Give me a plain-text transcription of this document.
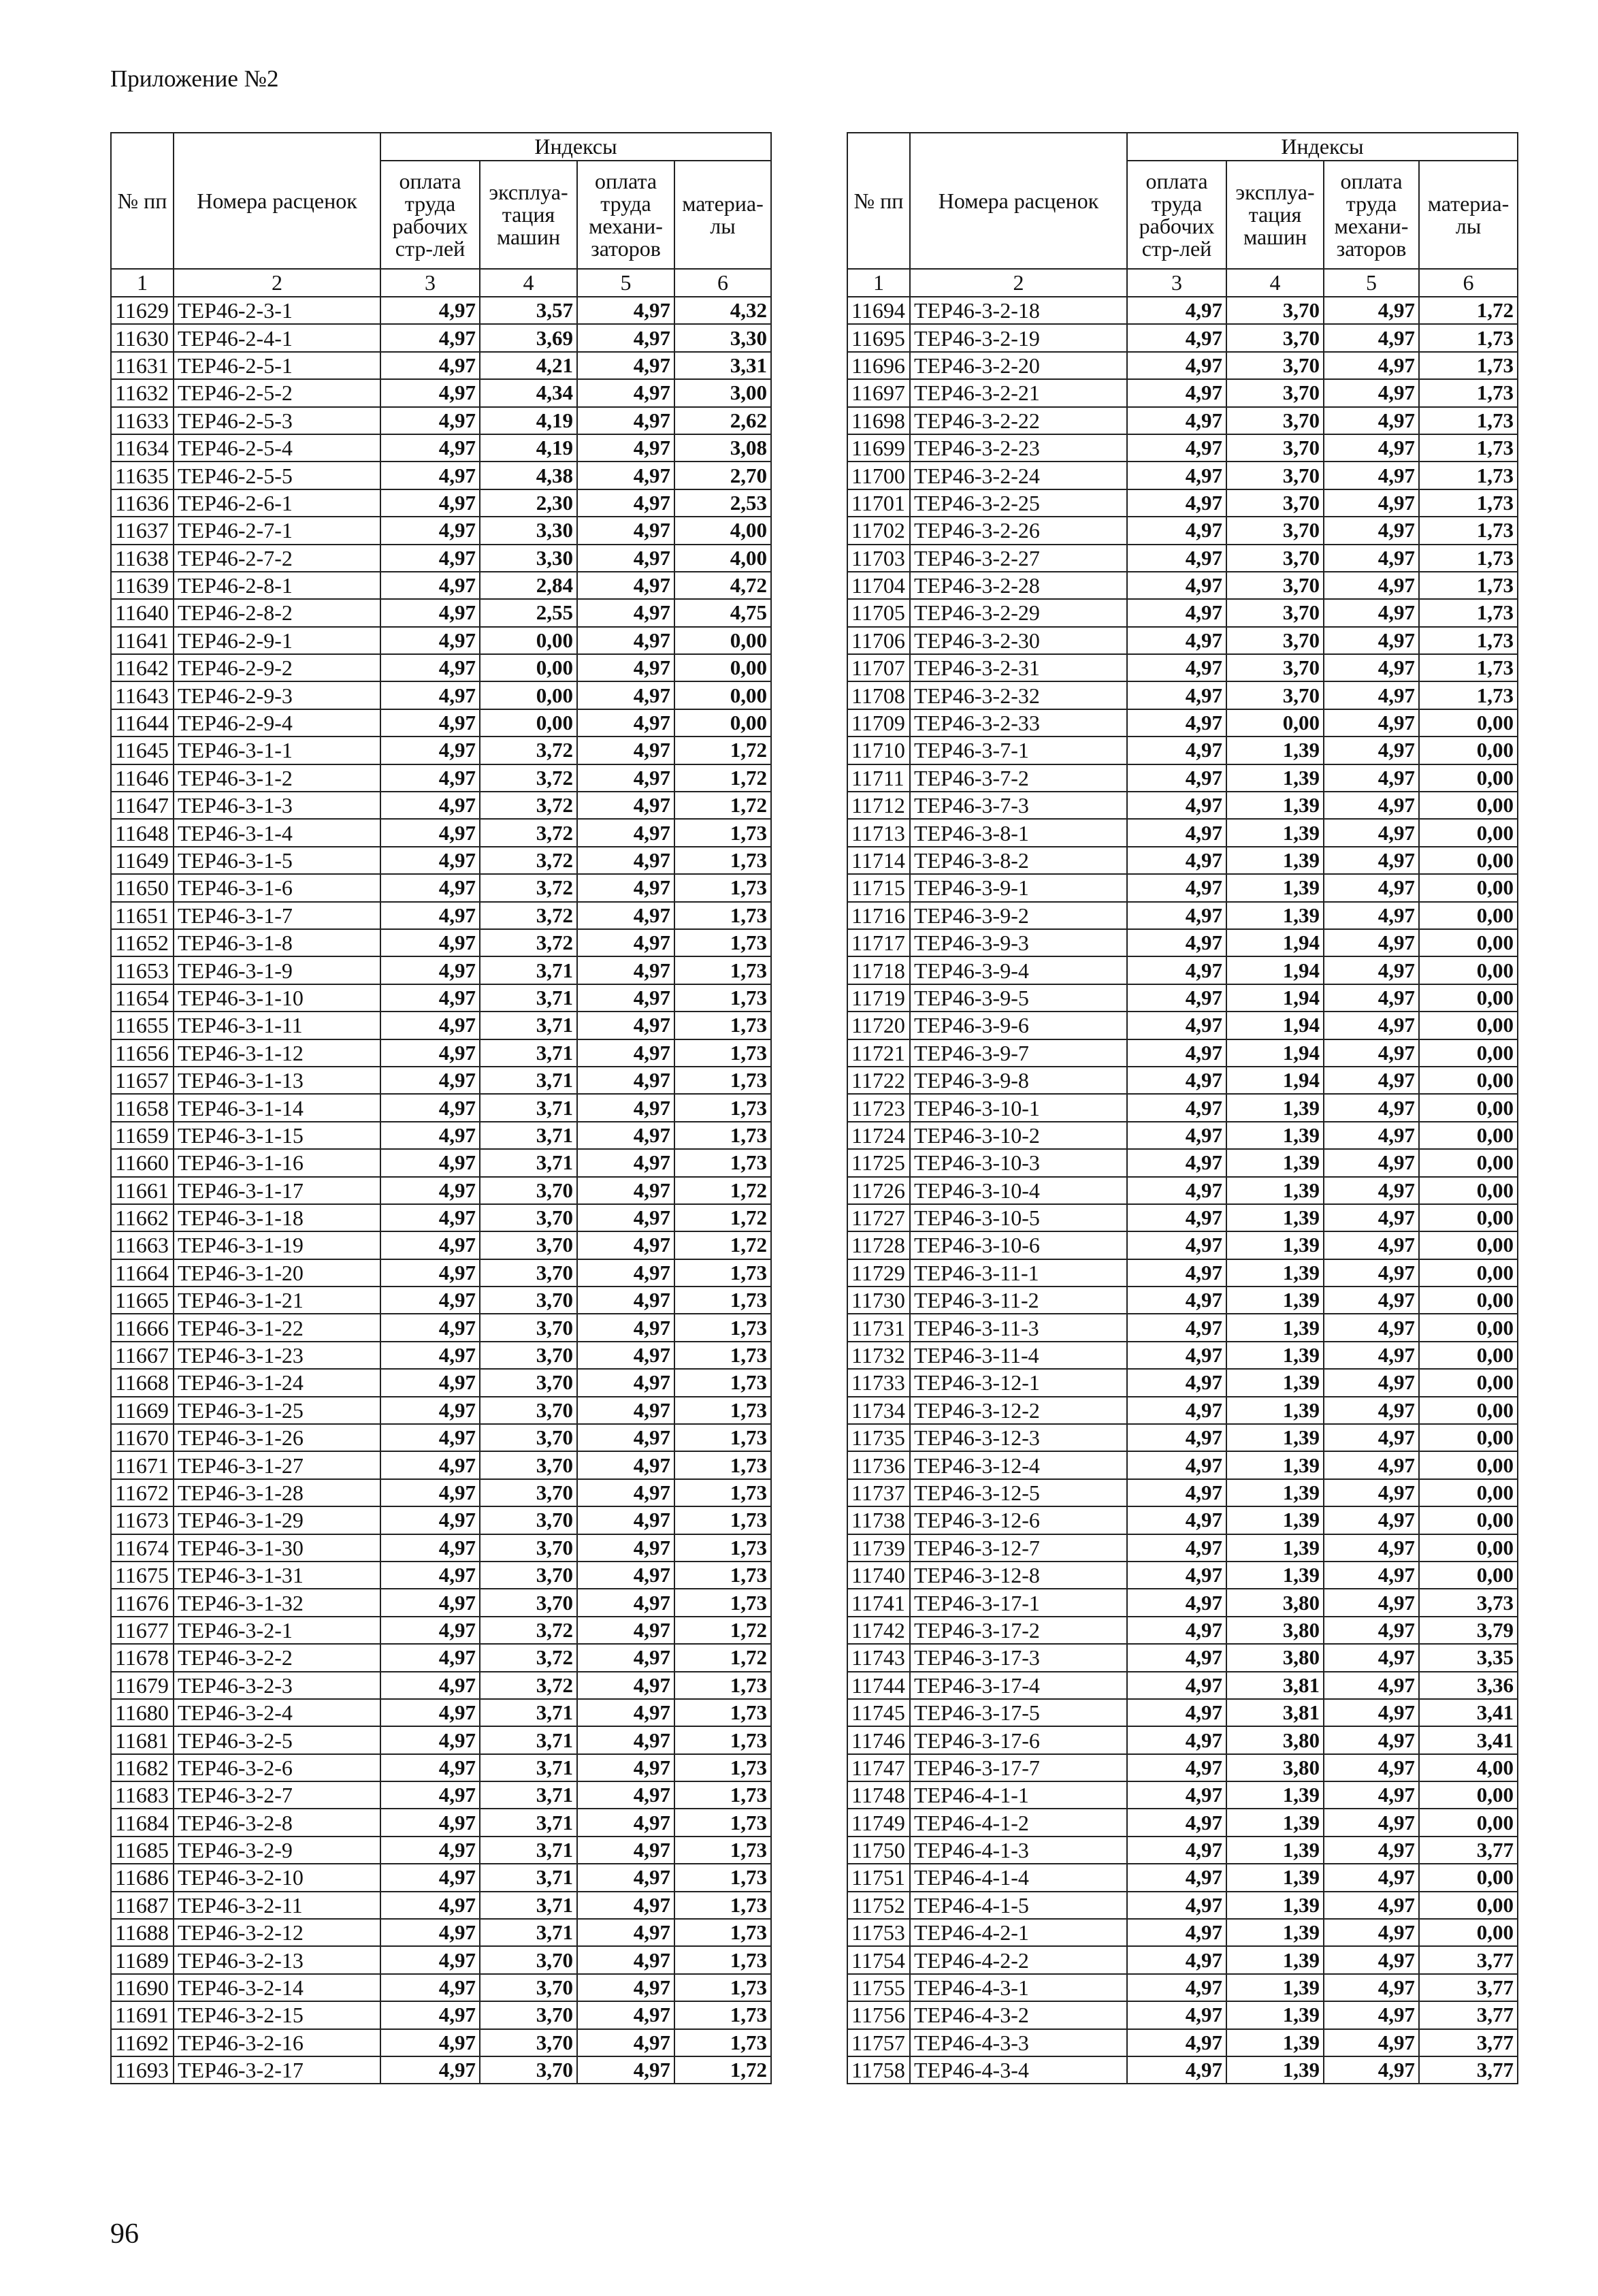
Приложение №2
№ пп	Номера расценок	Индексы			
		оплата труда рабочих стр-лей	эксплуа-тация машин	оплата труда механи-заторов	материа-лы
1	2	3	4	5	6
11629	ТЕР46-2-3-1	4,97	3,57	4,97	4,32
11630	ТЕР46-2-4-1	4,97	3,69	4,97	3,30
11631	ТЕР46-2-5-1	4,97	4,21	4,97	3,31
11632	ТЕР46-2-5-2	4,97	4,34	4,97	3,00
11633	ТЕР46-2-5-3	4,97	4,19	4,97	2,62
11634	ТЕР46-2-5-4	4,97	4,19	4,97	3,08
11635	ТЕР46-2-5-5	4,97	4,38	4,97	2,70
11636	ТЕР46-2-6-1	4,97	2,30	4,97	2,53
11637	ТЕР46-2-7-1	4,97	3,30	4,97	4,00
11638	ТЕР46-2-7-2	4,97	3,30	4,97	4,00
11639	ТЕР46-2-8-1	4,97	2,84	4,97	4,72
11640	ТЕР46-2-8-2	4,97	2,55	4,97	4,75
11641	ТЕР46-2-9-1	4,97	0,00	4,97	0,00
11642	ТЕР46-2-9-2	4,97	0,00	4,97	0,00
11643	ТЕР46-2-9-3	4,97	0,00	4,97	0,00
11644	ТЕР46-2-9-4	4,97	0,00	4,97	0,00
11645	ТЕР46-3-1-1	4,97	3,72	4,97	1,72
11646	ТЕР46-3-1-2	4,97	3,72	4,97	1,72
11647	ТЕР46-3-1-3	4,97	3,72	4,97	1,72
11648	ТЕР46-3-1-4	4,97	3,72	4,97	1,73
11649	ТЕР46-3-1-5	4,97	3,72	4,97	1,73
11650	ТЕР46-3-1-6	4,97	3,72	4,97	1,73
11651	ТЕР46-3-1-7	4,97	3,72	4,97	1,73
11652	ТЕР46-3-1-8	4,97	3,72	4,97	1,73
11653	ТЕР46-3-1-9	4,97	3,71	4,97	1,73
11654	ТЕР46-3-1-10	4,97	3,71	4,97	1,73
11655	ТЕР46-3-1-11	4,97	3,71	4,97	1,73
11656	ТЕР46-3-1-12	4,97	3,71	4,97	1,73
11657	ТЕР46-3-1-13	4,97	3,71	4,97	1,73
11658	ТЕР46-3-1-14	4,97	3,71	4,97	1,73
11659	ТЕР46-3-1-15	4,97	3,71	4,97	1,73
11660	ТЕР46-3-1-16	4,97	3,71	4,97	1,73
11661	ТЕР46-3-1-17	4,97	3,70	4,97	1,72
11662	ТЕР46-3-1-18	4,97	3,70	4,97	1,72
11663	ТЕР46-3-1-19	4,97	3,70	4,97	1,72
11664	ТЕР46-3-1-20	4,97	3,70	4,97	1,73
11665	ТЕР46-3-1-21	4,97	3,70	4,97	1,73
11666	ТЕР46-3-1-22	4,97	3,70	4,97	1,73
11667	ТЕР46-3-1-23	4,97	3,70	4,97	1,73
11668	ТЕР46-3-1-24	4,97	3,70	4,97	1,73
11669	ТЕР46-3-1-25	4,97	3,70	4,97	1,73
11670	ТЕР46-3-1-26	4,97	3,70	4,97	1,73
11671	ТЕР46-3-1-27	4,97	3,70	4,97	1,73
11672	ТЕР46-3-1-28	4,97	3,70	4,97	1,73
11673	ТЕР46-3-1-29	4,97	3,70	4,97	1,73
11674	ТЕР46-3-1-30	4,97	3,70	4,97	1,73
11675	ТЕР46-3-1-31	4,97	3,70	4,97	1,73
11676	ТЕР46-3-1-32	4,97	3,70	4,97	1,73
11677	ТЕР46-3-2-1	4,97	3,72	4,97	1,72
11678	ТЕР46-3-2-2	4,97	3,72	4,97	1,72
11679	ТЕР46-3-2-3	4,97	3,72	4,97	1,73
11680	ТЕР46-3-2-4	4,97	3,71	4,97	1,73
11681	ТЕР46-3-2-5	4,97	3,71	4,97	1,73
11682	ТЕР46-3-2-6	4,97	3,71	4,97	1,73
11683	ТЕР46-3-2-7	4,97	3,71	4,97	1,73
11684	ТЕР46-3-2-8	4,97	3,71	4,97	1,73
11685	ТЕР46-3-2-9	4,97	3,71	4,97	1,73
11686	ТЕР46-3-2-10	4,97	3,71	4,97	1,73
11687	ТЕР46-3-2-11	4,97	3,71	4,97	1,73
11688	ТЕР46-3-2-12	4,97	3,71	4,97	1,73
11689	ТЕР46-3-2-13	4,97	3,70	4,97	1,73
11690	ТЕР46-3-2-14	4,97	3,70	4,97	1,73
11691	ТЕР46-3-2-15	4,97	3,70	4,97	1,73
11692	ТЕР46-3-2-16	4,97	3,70	4,97	1,73
11693	ТЕР46-3-2-17	4,97	3,70	4,97	1,72
№ пп	Номера расценок	Индексы			
		оплата труда рабочих стр-лей	эксплуа-тация машин	оплата труда механи-заторов	материа-лы
1	2	3	4	5	6
11694	ТЕР46-3-2-18	4,97	3,70	4,97	1,72
11695	ТЕР46-3-2-19	4,97	3,70	4,97	1,73
11696	ТЕР46-3-2-20	4,97	3,70	4,97	1,73
11697	ТЕР46-3-2-21	4,97	3,70	4,97	1,73
11698	ТЕР46-3-2-22	4,97	3,70	4,97	1,73
11699	ТЕР46-3-2-23	4,97	3,70	4,97	1,73
11700	ТЕР46-3-2-24	4,97	3,70	4,97	1,73
11701	ТЕР46-3-2-25	4,97	3,70	4,97	1,73
11702	ТЕР46-3-2-26	4,97	3,70	4,97	1,73
11703	ТЕР46-3-2-27	4,97	3,70	4,97	1,73
11704	ТЕР46-3-2-28	4,97	3,70	4,97	1,73
11705	ТЕР46-3-2-29	4,97	3,70	4,97	1,73
11706	ТЕР46-3-2-30	4,97	3,70	4,97	1,73
11707	ТЕР46-3-2-31	4,97	3,70	4,97	1,73
11708	ТЕР46-3-2-32	4,97	3,70	4,97	1,73
11709	ТЕР46-3-2-33	4,97	0,00	4,97	0,00
11710	ТЕР46-3-7-1	4,97	1,39	4,97	0,00
11711	ТЕР46-3-7-2	4,97	1,39	4,97	0,00
11712	ТЕР46-3-7-3	4,97	1,39	4,97	0,00
11713	ТЕР46-3-8-1	4,97	1,39	4,97	0,00
11714	ТЕР46-3-8-2	4,97	1,39	4,97	0,00
11715	ТЕР46-3-9-1	4,97	1,39	4,97	0,00
11716	ТЕР46-3-9-2	4,97	1,39	4,97	0,00
11717	ТЕР46-3-9-3	4,97	1,94	4,97	0,00
11718	ТЕР46-3-9-4	4,97	1,94	4,97	0,00
11719	ТЕР46-3-9-5	4,97	1,94	4,97	0,00
11720	ТЕР46-3-9-6	4,97	1,94	4,97	0,00
11721	ТЕР46-3-9-7	4,97	1,94	4,97	0,00
11722	ТЕР46-3-9-8	4,97	1,94	4,97	0,00
11723	ТЕР46-3-10-1	4,97	1,39	4,97	0,00
11724	ТЕР46-3-10-2	4,97	1,39	4,97	0,00
11725	ТЕР46-3-10-3	4,97	1,39	4,97	0,00
11726	ТЕР46-3-10-4	4,97	1,39	4,97	0,00
11727	ТЕР46-3-10-5	4,97	1,39	4,97	0,00
11728	ТЕР46-3-10-6	4,97	1,39	4,97	0,00
11729	ТЕР46-3-11-1	4,97	1,39	4,97	0,00
11730	ТЕР46-3-11-2	4,97	1,39	4,97	0,00
11731	ТЕР46-3-11-3	4,97	1,39	4,97	0,00
11732	ТЕР46-3-11-4	4,97	1,39	4,97	0,00
11733	ТЕР46-3-12-1	4,97	1,39	4,97	0,00
11734	ТЕР46-3-12-2	4,97	1,39	4,97	0,00
11735	ТЕР46-3-12-3	4,97	1,39	4,97	0,00
11736	ТЕР46-3-12-4	4,97	1,39	4,97	0,00
11737	ТЕР46-3-12-5	4,97	1,39	4,97	0,00
11738	ТЕР46-3-12-6	4,97	1,39	4,97	0,00
11739	ТЕР46-3-12-7	4,97	1,39	4,97	0,00
11740	ТЕР46-3-12-8	4,97	1,39	4,97	0,00
11741	ТЕР46-3-17-1	4,97	3,80	4,97	3,73
11742	ТЕР46-3-17-2	4,97	3,80	4,97	3,79
11743	ТЕР46-3-17-3	4,97	3,80	4,97	3,35
11744	ТЕР46-3-17-4	4,97	3,81	4,97	3,36
11745	ТЕР46-3-17-5	4,97	3,81	4,97	3,41
11746	ТЕР46-3-17-6	4,97	3,80	4,97	3,41
11747	ТЕР46-3-17-7	4,97	3,80	4,97	4,00
11748	ТЕР46-4-1-1	4,97	1,39	4,97	0,00
11749	ТЕР46-4-1-2	4,97	1,39	4,97	0,00
11750	ТЕР46-4-1-3	4,97	1,39	4,97	3,77
11751	ТЕР46-4-1-4	4,97	1,39	4,97	0,00
11752	ТЕР46-4-1-5	4,97	1,39	4,97	0,00
11753	ТЕР46-4-2-1	4,97	1,39	4,97	0,00
11754	ТЕР46-4-2-2	4,97	1,39	4,97	3,77
11755	ТЕР46-4-3-1	4,97	1,39	4,97	3,77
11756	ТЕР46-4-3-2	4,97	1,39	4,97	3,77
11757	ТЕР46-4-3-3	4,97	1,39	4,97	3,77
11758	ТЕР46-4-3-4	4,97	1,39	4,97	3,77
96
